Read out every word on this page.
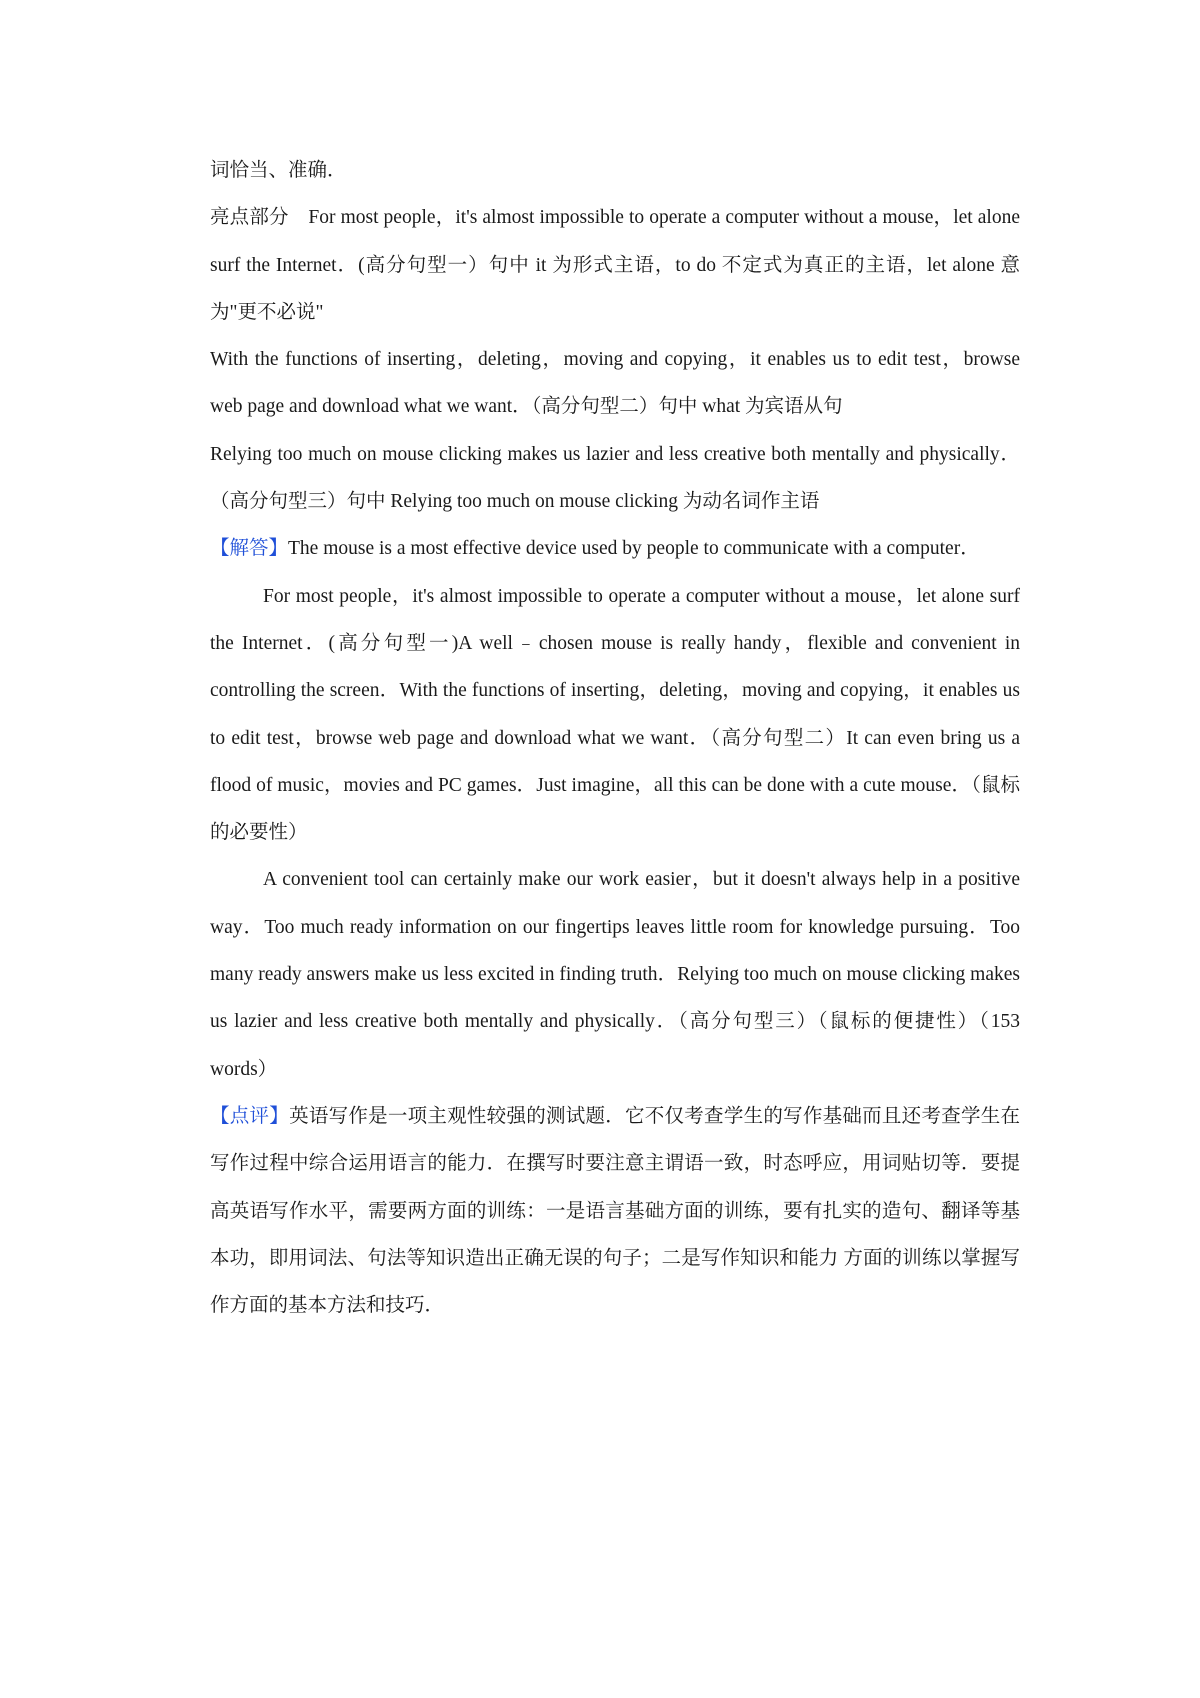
词恰当、准确．

亮点部分　For most people，it's almost impossible to operate a computer without a mouse，let alone surf the Internet．(高分句型一）句中 it 为形式主语，to do 不定式为真正的主语，let alone 意为"更不必说"

With the functions of inserting，deleting，moving and copying，it enables us to edit test，browse web page and download what we want．（高分句型二）句中 what 为宾语从句

Relying too much on mouse clicking makes us lazier and less creative both mentally and physically．（高分句型三）句中 Relying too much on mouse clicking 为动名词作主语

【解答】The mouse is a most effective device used by people to communicate with a computer．

For most people，it's almost impossible to operate a computer without a mouse，let alone surf the Internet．(高分句型一)A well﹣chosen mouse is really handy，flexible and convenient in controlling the screen．With the functions of inserting，deleting，moving and copying，it enables us to edit test，browse web page and download what we want．（高分句型二）It can even bring us a flood of music，movies and PC games．Just imagine，all this can be done with a cute mouse．（鼠标的必要性）

A convenient tool can certainly make our work easier，but it doesn't always help in a positive way．Too much ready information on our fingertips leaves little room for knowledge pursuing．Too many ready answers make us less excited in finding truth．Relying too much on mouse clicking makes us lazier and less creative both mentally and physically．（高分句型三）（鼠标的便捷性）（153 words）

【点评】英语写作是一项主观性较强的测试题．它不仅考查学生的写作基础而且还考查学生在写作过程中综合运用语言的能力．在撰写时要注意主谓语一致，时态呼应，用词贴切等．要提高英语写作水平，需要两方面的训练：一是语言基础方面的训练，要有扎实的造句、翻译等基本功，即用词法、句法等知识造出正确无误的句子；二是写作知识和能力 方面的训练以掌握写作方面的基本方法和技巧．
